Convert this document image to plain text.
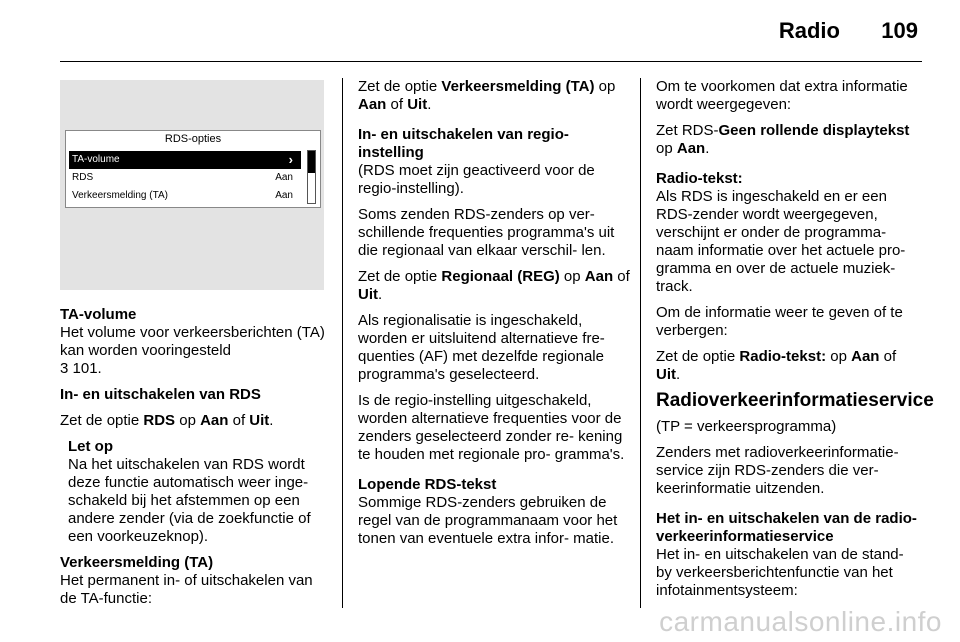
Radio 109
RDS-opties
TA-volume	›
RDS	Aan
Verkeersmelding (TA)	Aan

TA-volume

Het volume voor verkeersberichten (TA) kan worden vooringesteld
3 101.

In- en uitschakelen van RDS

Zet de optie RDS op Aan of Uit.

Let op

Na het uitschakelen van RDS wordt deze functie automatisch weer inge- schakeld bij het afstemmen op een andere zender (via de zoekfunctie of een voorkeuzeknop).

Verkeersmelding (TA)

Het permanent in- of uitschakelen van de TA-functie:

Zet de optie Verkeersmelding (TA) op Aan of Uit.

In- en uitschakelen van regio- instelling

(RDS moet zijn geactiveerd voor de regio-instelling).

Soms zenden RDS-zenders op ver- schillende frequenties programma's uit die regionaal van elkaar verschil- len.

Zet de optie Regionaal (REG) op Aan of Uit.

Als regionalisatie is ingeschakeld, worden er uitsluitend alternatieve fre- quenties (AF) met dezelfde regionale programma's geselecteerd.

Is de regio-instelling uitgeschakeld, worden alternatieve frequenties voor de zenders geselecteerd zonder re- kening te houden met regionale pro- gramma's.

Lopende RDS-tekst

Sommige RDS-zenders gebruiken de regel van de programmanaam voor het tonen van eventuele extra infor- matie.

Om te voorkomen dat extra informatie wordt weergegeven:

Zet RDS-Geen rollende displaytekst op Aan.

Radio-tekst:

Als RDS is ingeschakeld en er een RDS-zender wordt weergegeven, verschijnt er onder de programma- naam informatie over het actuele pro- gramma en over de actuele muziek- track.

Om de informatie weer te geven of te verbergen:

Zet de optie Radio-tekst: op Aan of Uit.

Radioverkeerinformatieservice

(TP = verkeersprogramma)

Zenders met radioverkeerinformatie- service zijn RDS-zenders die ver- keerinformatie uitzenden.

Het in- en uitschakelen van de radio- verkeerinformatieservice

Het in- en uitschakelen van de stand- by verkeersberichtenfunctie van het infotainmentsysteem:

carmanualsonline.info
